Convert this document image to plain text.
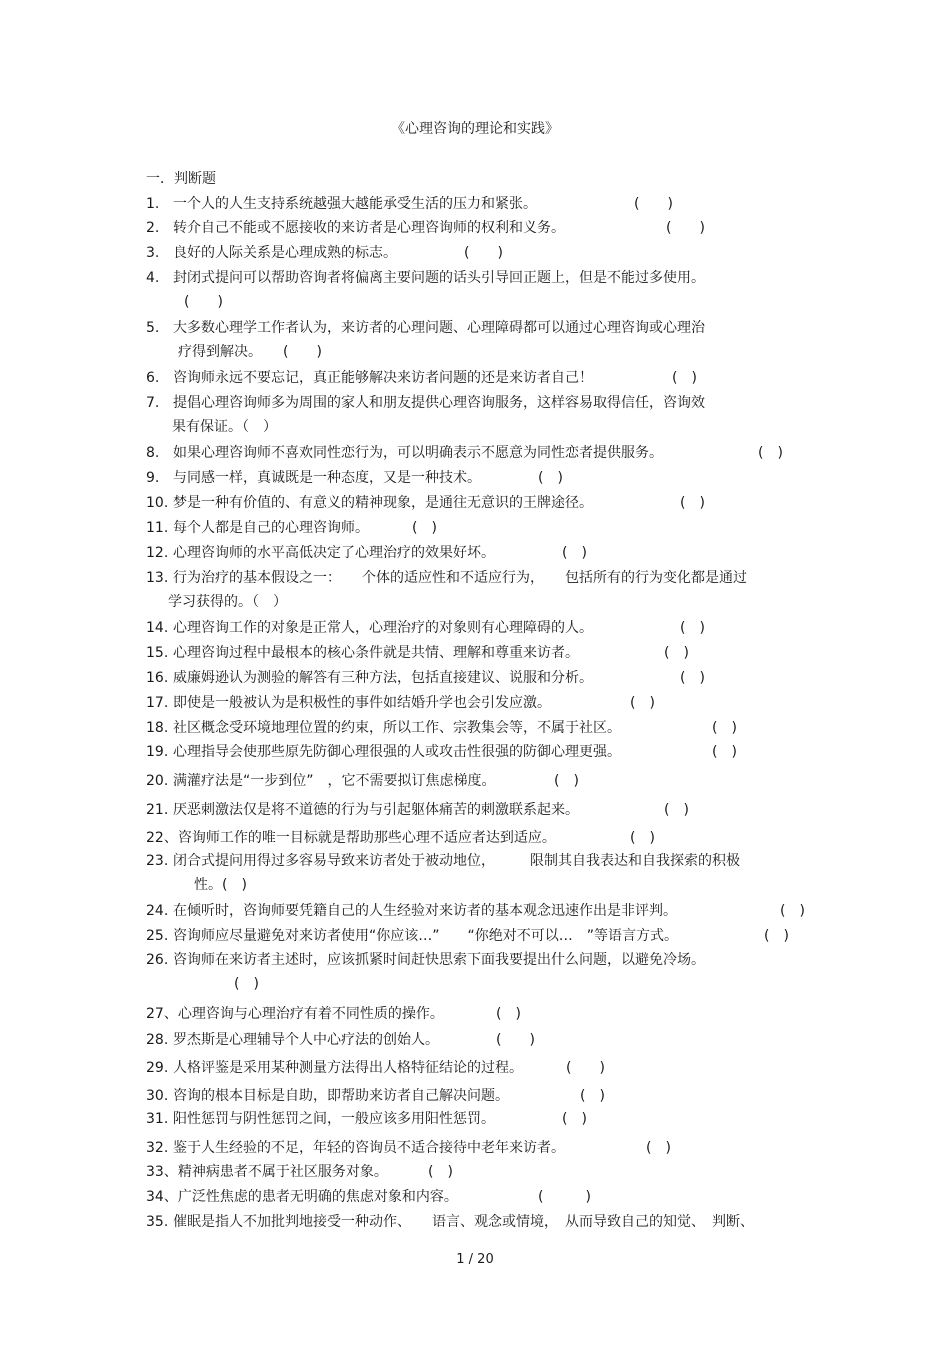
《心理咨询的理论和实践》
一．判断题
1. 一个人的人生支持系统越强大越能承受生活的压力和紧张。	(　　)
2. 转介自己不能或不愿接收的来访者是心理咨询师的权利和义务。	(　　)
3. 良好的人际关系是心理成熟的标志。	(　　)
4. 封闭式提问可以帮助咨询者将偏离主要问题的话头引导回正题上，但是不能过多使用。
(　　)
5. 大多数心理学工作者认为，来访者的心理问题、心理障碍都可以通过心理咨询或心理治
疗得到解决。　　(　　)
6. 咨询师永远不要忘记，真正能够解决来访者问题的还是来访者自己！	(　)
7. 提倡心理咨询师多为周围的家人和朋友提供心理咨询服务，这样容易取得信任，咨询效
果有保证。（　）
8. 如果心理咨询师不喜欢同性恋行为，可以明确表示不愿意为同性恋者提供服务。	(　)
9. 与同感一样，真诚既是一种态度，又是一种技术。	(　)
10. 梦是一种有价值的、有意义的精神现象，是通往无意识的王牌途径。	(　)
11. 每个人都是自己的心理咨询师。	(　)
12. 心理咨询师的水平高低决定了心理治疗的效果好坏。	(　)
13. 行为治疗的基本假设之一：　　个体的适应性和不适应行为，　　包括所有的行为变化都是通过
学习获得的。（　）
14. 心理咨询工作的对象是正常人，心理治疗的对象则有心理障碍的人。	(　)
15. 心理咨询过程中最根本的核心条件就是共情、理解和尊重来访者。	(　)
16. 威廉姆逊认为测验的解答有三种方法，包括直接建议、说服和分析。	(　)
17. 即使是一般被认为是积极性的事件如结婚升学也会引发应激。	(　)
18. 社区概念受环境地理位置的约束，所以工作、宗教集会等，不属于社区。	(　)
19. 心理指导会使那些原先防御心理很强的人或攻击性很强的防御心理更强。	(　)
20. 满灌疗法是“一步到位”　，它不需要拟订焦虑梯度。	(　)
21. 厌恶刺激法仅是将不道德的行为与引起躯体痛苦的刺激联系起来。	(　)
22、咨询师工作的唯一目标就是帮助那些心理不适应者达到适应。	(　)
23. 闭合式提问用得过多容易导致来访者处于被动地位，　　　限制其自我表达和自我探索的积极
性。(　)
24. 在倾听时，咨询师要凭籍自己的人生经验对来访者的基本观念迅速作出是非评判。	(　)
25. 咨询师应尽量避免对来访者使用“你应该…”　　“你绝对不可以…　”等语言方式。	(　)
26. 咨询师在来访者主述时，应该抓紧时间赶快思索下面我要提出什么问题，以避免冷场。
(　)
27、心理咨询与心理治疗有着不同性质的操作。	(　)
28. 罗杰斯是心理辅导个人中心疗法的创始人。	(　　)
29. 人格评鉴是采用某种测量方法得出人格特征结论的过程。	(　　)
30. 咨询的根本目标是自助，即帮助来访者自己解决问题。	(　)
31. 阳性惩罚与阴性惩罚之间，一般应该多用阳性惩罚。	(　)
32. 鉴于人生经验的不足，年轻的咨询员不适合接待中老年来访者。	(　)
33、精神病患者不属于社区服务对象。	(　)
34、广泛性焦虑的患者无明确的焦虑对象和内容。	(　　　)
35. 催眠是指人不加批判地接受一种动作、　　语言、观念或情境，　从而导致自己的知觉、　判断、
1 / 20
